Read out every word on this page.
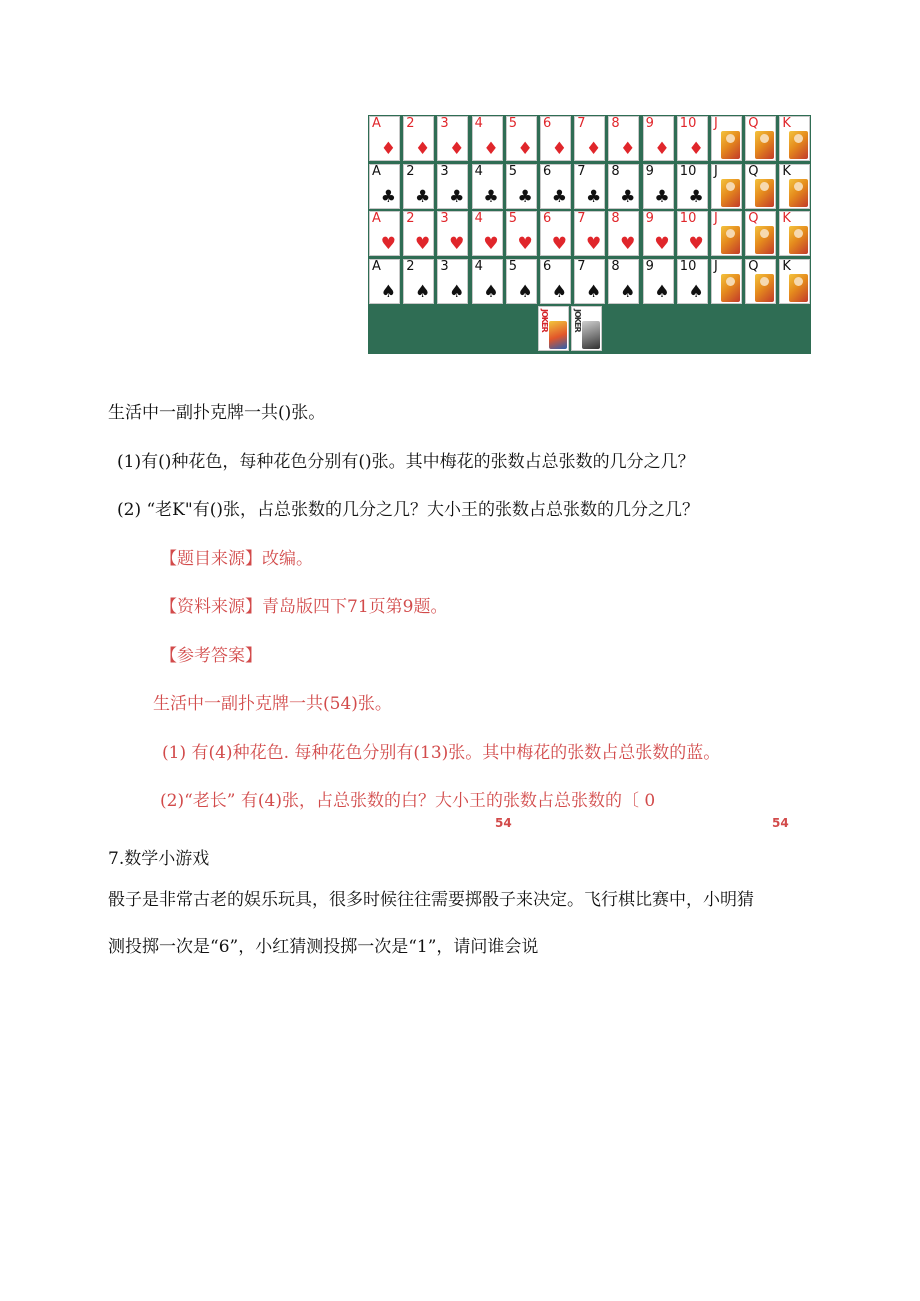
A
♦
2
♦
3
♦
4
♦
5
♦
6
♦
7
♦
8
♦
9
♦
10
♦
J Q K
A
♣
2
♣
3
♣
4
♣
5
♣
6
♣
7
♣
8
♣
9
♣
10
♣
J Q K
A
♥
2
♥
3
♥
4
♥
5
♥
6
♥
7
♥
8
♥
9
♥
10
♥
J Q K
A
♠
2
♠
3
♠
4
♠
5
♠
6
♠
7
♠
8
♠
9
♠
10
♠
J Q K
JOKER	JOKER
生活中一副扑克牌一共()张。
(1)有()种花色，每种花色分别有()张。其中梅花的张数占总张数的几分之几？
(2) “老K"有()张，占总张数的几分之几？大小王的张数占总张数的几分之几？
【题目来源】改编。
【资料来源】青岛版四下71页第9题。
【参考答案】
生活中一副扑克牌一共(54)张。
(1) 有(4)种花色. 每种花色分别有(13)张。其中梅花的张数占总张数的蓝。
(2)“老长” 有(4)张，占总张数的白？大小王的张数占总张数的〔 0
54	54
7.数学小游戏
骰子是非常古老的娱乐玩具，很多时候往往需要掷骰子来决定。飞行棋比赛中，小明猜
测投掷一次是“6”，小红猜测投掷一次是“1”，请问谁会说
